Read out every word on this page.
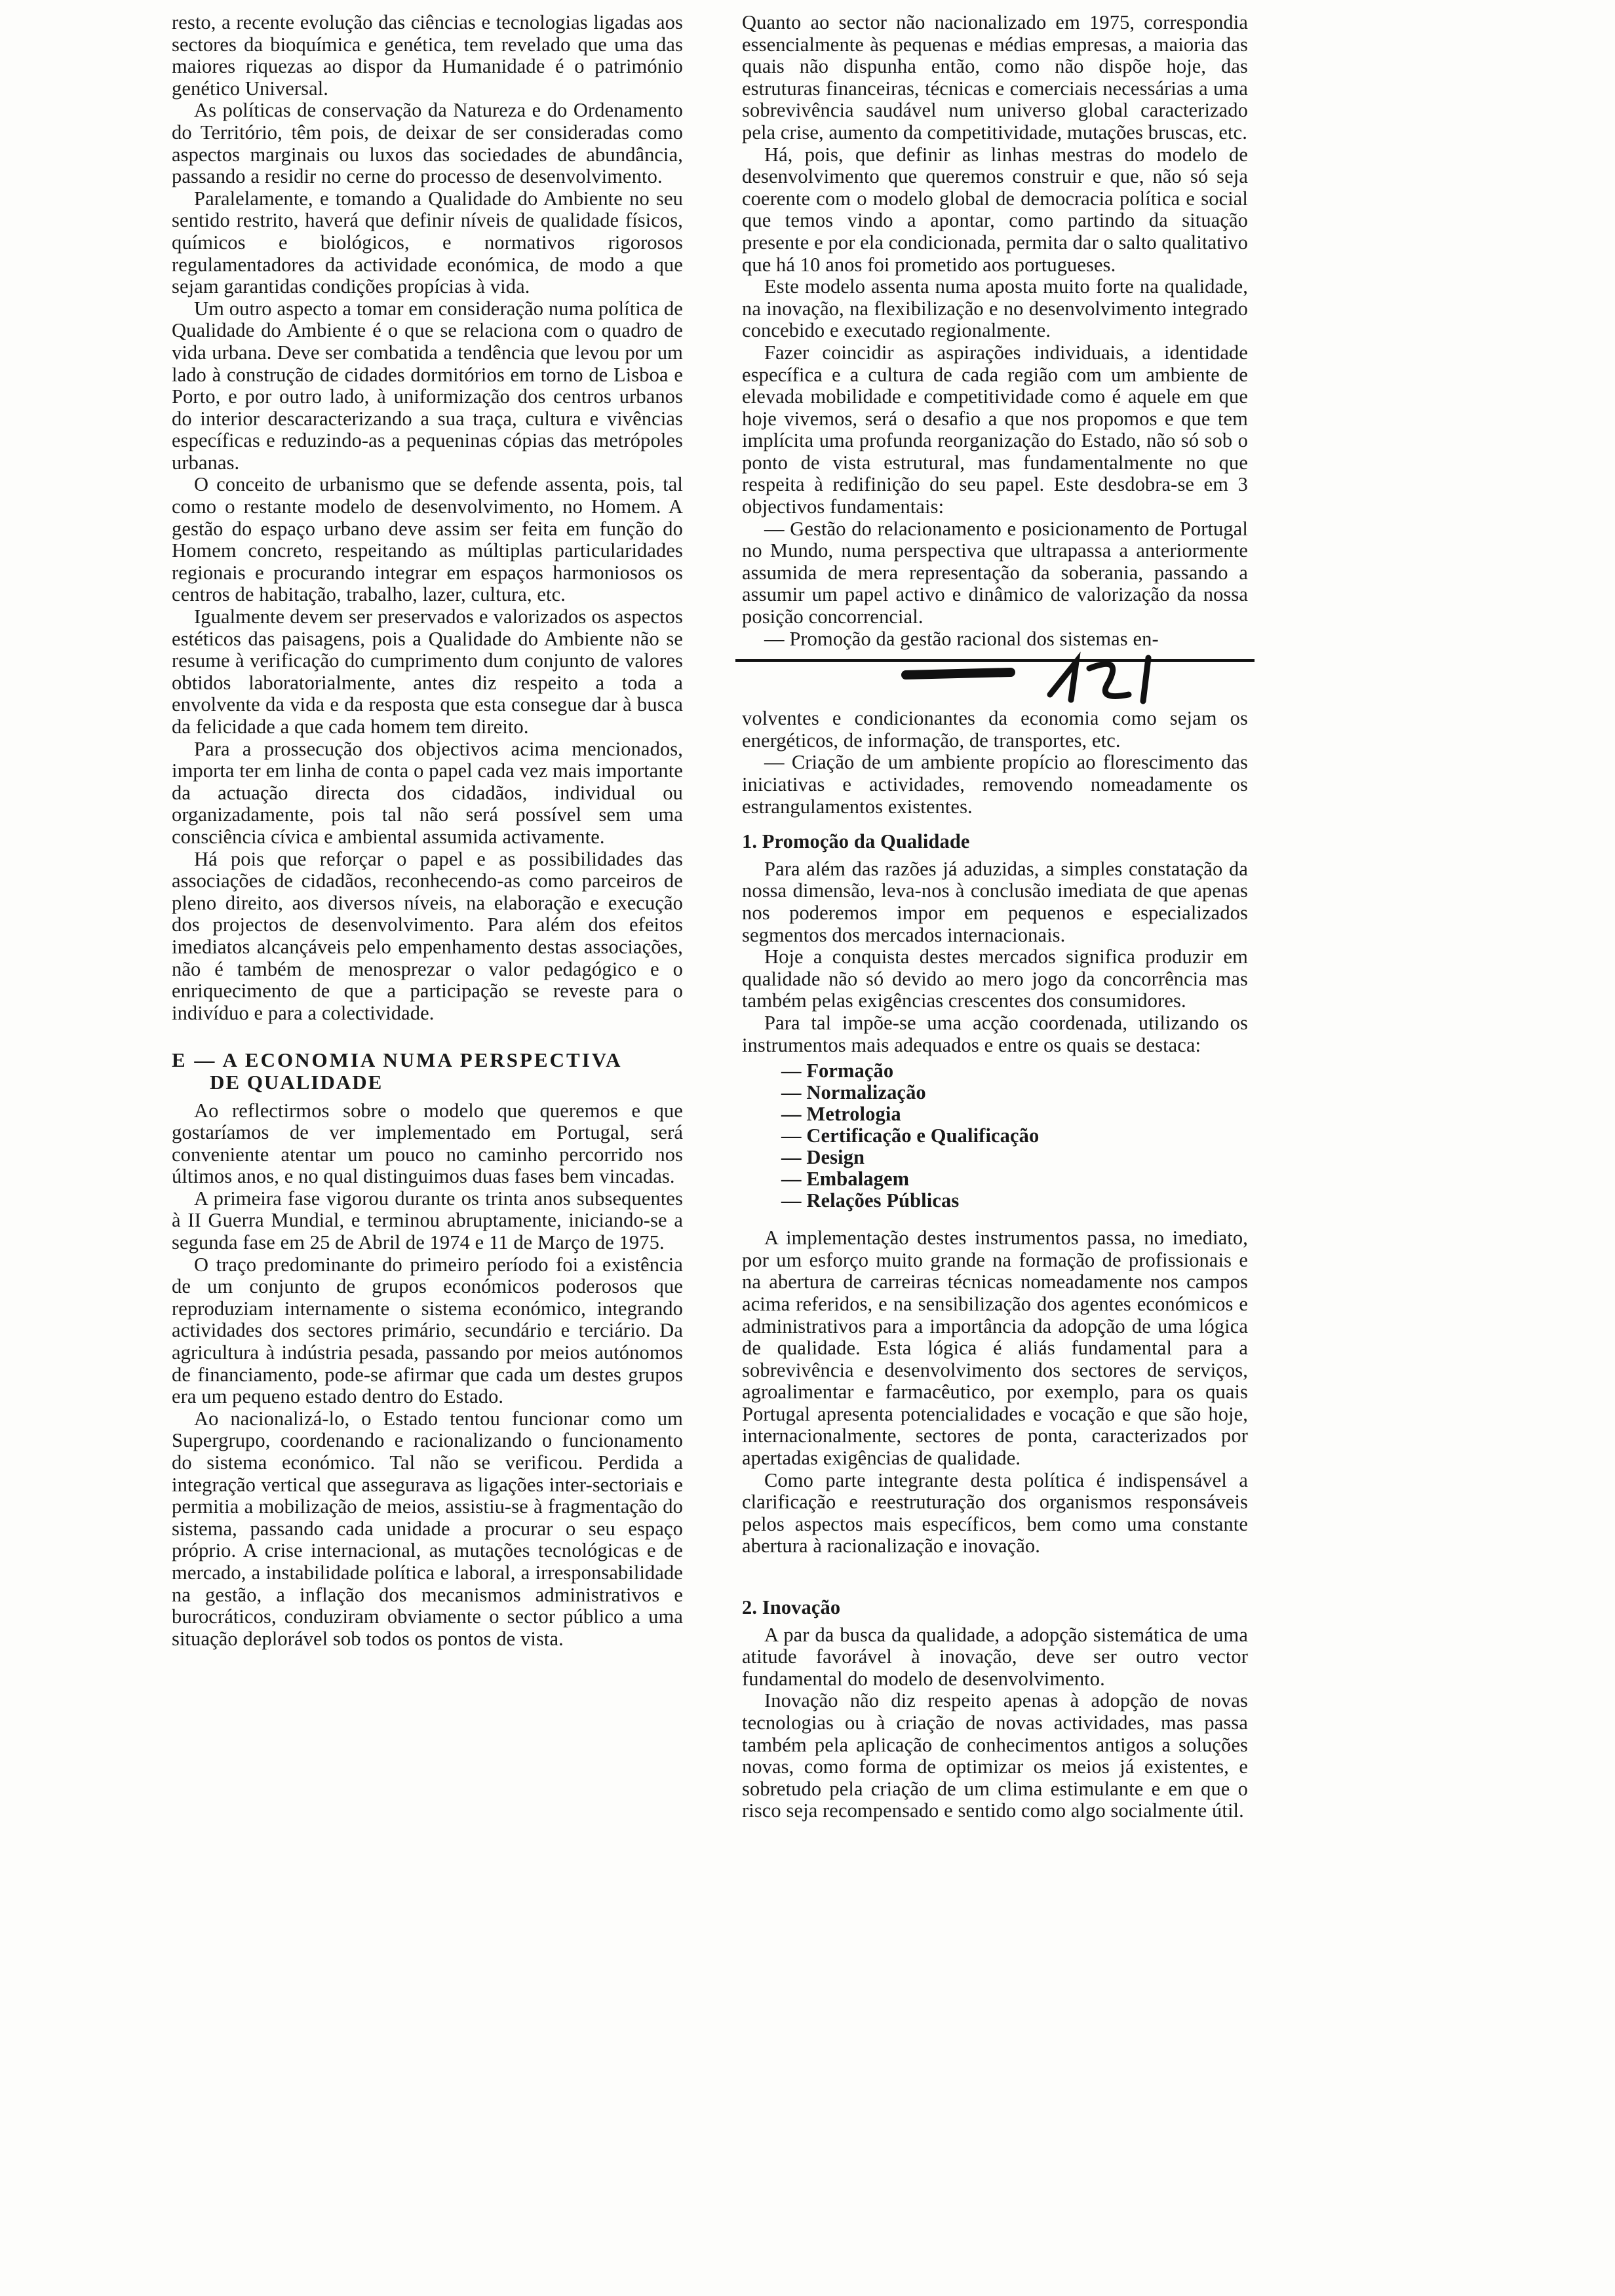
resto, a recente evolução das ciências e tecnologias ligadas aos sectores da bioquímica e genética, tem revelado que uma das maiores riquezas ao dispor da Humanidade é o património genético Universal.

As políticas de conservação da Natureza e do Ordenamento do Território, têm pois, de deixar de ser consideradas como aspectos marginais ou luxos das sociedades de abundância, passando a residir no cerne do processo de desenvolvimento.

Paralelamente, e tomando a Qualidade do Ambiente no seu sentido restrito, haverá que definir níveis de qualidade físicos, químicos e biológicos, e normativos rigorosos regulamentadores da actividade económica, de modo a que sejam garantidas condições propícias à vida.

Um outro aspecto a tomar em consideração numa política de Qualidade do Ambiente é o que se relaciona com o quadro de vida urbana. Deve ser combatida a tendência que levou por um lado à construção de cidades dormitórios em torno de Lisboa e Porto, e por outro lado, à uniformização dos centros urbanos do interior descaracterizando a sua traça, cultura e vivências específicas e reduzindo-as a pequeninas cópias das metrópoles urbanas.

O conceito de urbanismo que se defende assenta, pois, tal como o restante modelo de desenvolvimento, no Homem. A gestão do espaço urbano deve assim ser feita em função do Homem concreto, respeitando as múltiplas particularidades regionais e procurando integrar em espaços harmoniosos os centros de habitação, trabalho, lazer, cultura, etc.

Igualmente devem ser preservados e valorizados os aspectos estéticos das paisagens, pois a Qualidade do Ambiente não se resume à verificação do cumprimento dum conjunto de valores obtidos laboratorialmente, antes diz respeito a toda a envolvente da vida e da resposta que esta consegue dar à busca da felicidade a que cada homem tem direito.

Para a prossecução dos objectivos acima mencionados, importa ter em linha de conta o papel cada vez mais importante da actuação directa dos cidadãos, individual ou organizadamente, pois tal não será possível sem uma consciência cívica e ambiental assumida activamente.

Há pois que reforçar o papel e as possibilidades das associações de cidadãos, reconhecendo-as como parceiros de pleno direito, aos diversos níveis, na elaboração e execução dos projectos de desenvolvimento. Para além dos efeitos imediatos alcançáveis pelo empenhamento destas associações, não é também de menosprezar o valor pedagógico e o enriquecimento de que a participação se reveste para o indivíduo e para a colectividade.

E — A ECONOMIA NUMA PERSPECTIVA
DE QUALIDADE

Ao reflectirmos sobre o modelo que queremos e que gostaríamos de ver implementado em Portugal, será conveniente atentar um pouco no caminho percorrido nos últimos anos, e no qual distinguimos duas fases bem vincadas.

A primeira fase vigorou durante os trinta anos subsequentes à II Guerra Mundial, e terminou abruptamente, iniciando-se a segunda fase em 25 de Abril de 1974 e 11 de Março de 1975.

O traço predominante do primeiro período foi a existência de um conjunto de grupos económicos poderosos que reproduziam internamente o sistema económico, integrando actividades dos sectores primário, secundário e terciário. Da agricultura à indústria pesada, passando por meios autónomos de financiamento, pode-se afirmar que cada um destes grupos era um pequeno estado dentro do Estado.

Ao nacionalizá-lo, o Estado tentou funcionar como um Supergrupo, coordenando e racionalizando o funcionamento do sistema económico. Tal não se verificou. Perdida a integração vertical que assegurava as ligações inter-sectoriais e permitia a mobilização de meios, assistiu-se à fragmentação do sistema, passando cada unidade a procurar o seu espaço próprio. A crise internacional, as mutações tecnológicas e de mercado, a instabilidade política e laboral, a irresponsabilidade na gestão, a inflação dos mecanismos administrativos e burocráticos, conduziram obviamente o sector público a uma situação deplorável sob todos os pontos de vista.

Quanto ao sector não nacionalizado em 1975, correspondia essencialmente às pequenas e médias empresas, a maioria das quais não dispunha então, como não dispõe hoje, das estruturas financeiras, técnicas e comerciais necessárias a uma sobrevivência saudável num universo global caracterizado pela crise, aumento da competitividade, mutações bruscas, etc.

Há, pois, que definir as linhas mestras do modelo de desenvolvimento que queremos construir e que, não só seja coerente com o modelo global de democracia política e social que temos vindo a apontar, como partindo da situação presente e por ela condicionada, permita dar o salto qualitativo que há 10 anos foi prometido aos portugueses.

Este modelo assenta numa aposta muito forte na qualidade, na inovação, na flexibilização e no desenvolvimento integrado concebido e executado regionalmente.

Fazer coincidir as aspirações individuais, a identidade específica e a cultura de cada região com um ambiente de elevada mobilidade e competitividade como é aquele em que hoje vivemos, será o desafio a que nos propomos e que tem implícita uma profunda reorganização do Estado, não só sob o ponto de vista estrutural, mas fundamentalmente no que respeita à redifinição do seu papel. Este desdobra-se em 3 objectivos fundamentais:

— Gestão do relacionamento e posicionamento de Portugal no Mundo, numa perspectiva que ultrapassa a anteriormente assumida de mera representação da soberania, passando a assumir um papel activo e dinâmico de valorização da nossa posição concorrencial.

— Promoção da gestão racional dos sistemas en-

volventes e condicionantes da economia como sejam os energéticos, de informação, de transportes, etc.

— Criação de um ambiente propício ao florescimento das iniciativas e actividades, removendo nomeadamente os estrangulamentos existentes.

1. Promoção da Qualidade

Para além das razões já aduzidas, a simples constatação da nossa dimensão, leva-nos à conclusão imediata de que apenas nos poderemos impor em pequenos e especializados segmentos dos mercados internacionais.

Hoje a conquista destes mercados significa produzir em qualidade não só devido ao mero jogo da concorrência mas também pelas exigências crescentes dos consumidores.

Para tal impõe-se uma acção coordenada, utilizando os instrumentos mais adequados e entre os quais se destaca:

— Formação
— Normalização
— Metrologia
— Certificação e Qualificação
— Design
— Embalagem
— Relações Públicas

A implementação destes instrumentos passa, no imediato, por um esforço muito grande na formação de profissionais e na abertura de carreiras técnicas nomeadamente nos campos acima referidos, e na sensibilização dos agentes económicos e administrativos para a importância da adopção de uma lógica de qualidade. Esta lógica é aliás fundamental para a sobrevivência e desenvolvimento dos sectores de serviços, agroalimentar e farmacêutico, por exemplo, para os quais Portugal apresenta potencialidades e vocação e que são hoje, internacionalmente, sectores de ponta, caracterizados por apertadas exigências de qualidade.

Como parte integrante desta política é indispensável a clarificação e reestruturação dos organismos responsáveis pelos aspectos mais específicos, bem como uma constante abertura à racionalização e inovação.

2. Inovação

A par da busca da qualidade, a adopção sistemática de uma atitude favorável à inovação, deve ser outro vector fundamental do modelo de desenvolvimento.

Inovação não diz respeito apenas à adopção de novas tecnologias ou à criação de novas actividades, mas passa também pela aplicação de conhecimentos antigos a soluções novas, como forma de optimizar os meios já existentes, e sobretudo pela criação de um clima estimulante e em que o risco seja recompensado e sentido como algo socialmente útil.
